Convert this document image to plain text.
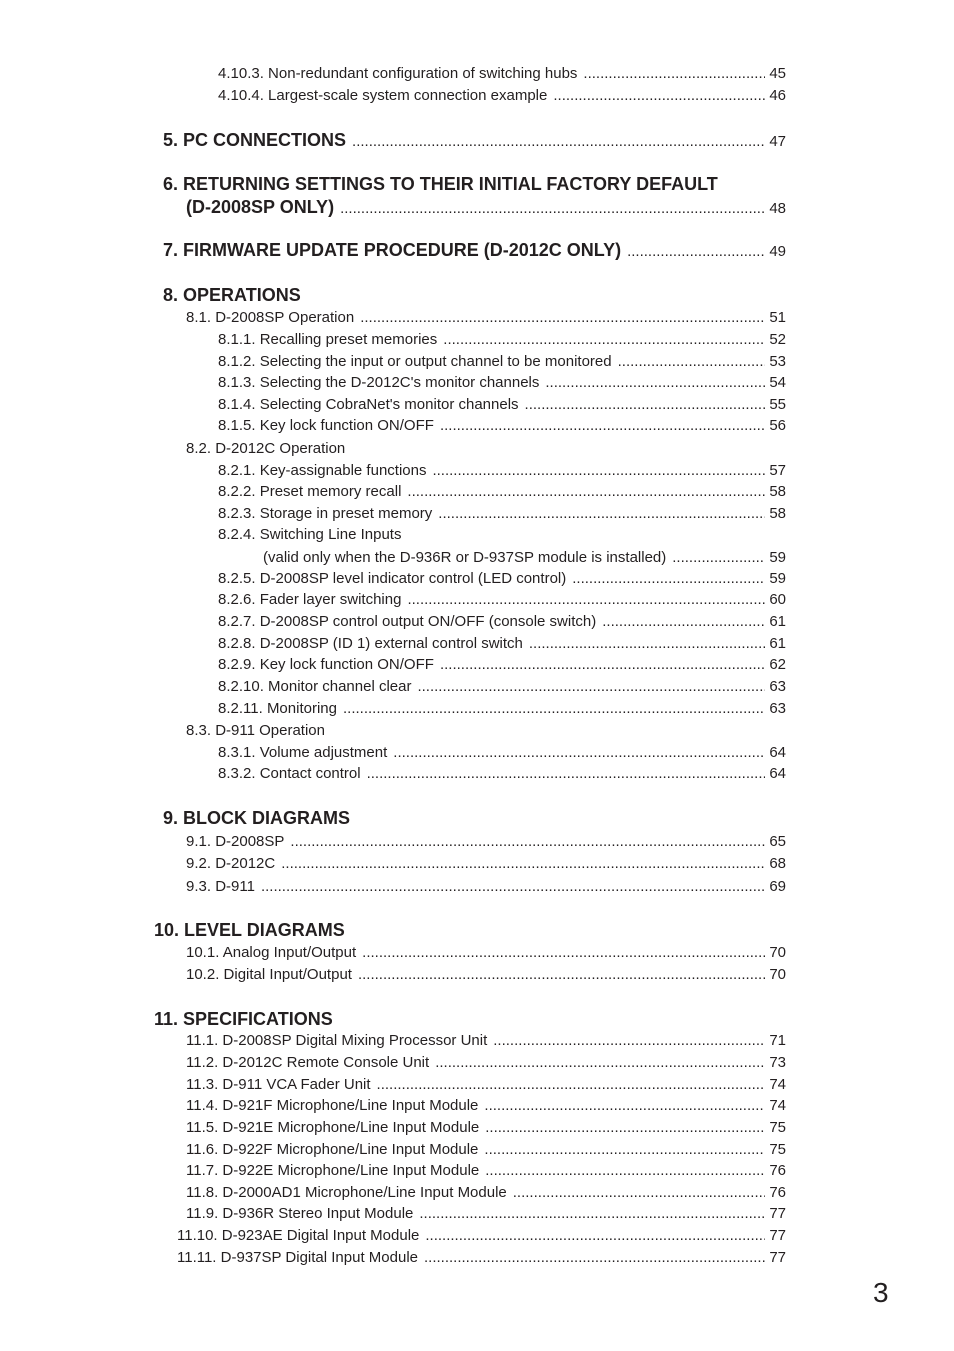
4.10.3. Non-redundant configuration of switching hubs .....	45
4.10.4. Largest-scale system connection example .....	46
5. PC CONNECTIONS .....	47
6. RETURNING SETTINGS TO THEIR INITIAL FACTORY DEFAULT
(D-2008SP ONLY) .....	48
7. FIRMWARE UPDATE PROCEDURE (D-2012C ONLY) .....	49
8. OPERATIONS
8.1. D-2008SP Operation .....	51
8.1.1. Recalling preset memories .....	52
8.1.2. Selecting the input or output channel to be monitored .....	53
8.1.3. Selecting the D-2012C's monitor channels .....	54
8.1.4. Selecting CobraNet's monitor channels .....	55
8.1.5. Key lock function ON/OFF .....	56
8.2. D-2012C Operation
8.2.1. Key-assignable functions .....	57
8.2.2. Preset memory recall .....	58
8.2.3. Storage in preset memory .....	58
8.2.4. Switching Line Inputs
(valid only when the D-936R or D-937SP module is installed) .....	59
8.2.5. D-2008SP level indicator control (LED control) .....	59
8.2.6. Fader layer switching .....	60
8.2.7. D-2008SP control output ON/OFF (console switch) .....	61
8.2.8. D-2008SP (ID 1) external control switch .....	61
8.2.9. Key lock function ON/OFF .....	62
8.2.10. Monitor channel clear .....	63
8.2.11. Monitoring .....	63
8.3. D-911 Operation
8.3.1. Volume adjustment .....	64
8.3.2. Contact control .....	64
9. BLOCK DIAGRAMS
9.1. D-2008SP .....	65
9.2. D-2012C .....	68
9.3. D-911 .....	69
10. LEVEL DIAGRAMS
10.1. Analog Input/Output .....	70
10.2. Digital Input/Output .....	70
11. SPECIFICATIONS
11.1. D-2008SP Digital Mixing Processor Unit .....	71
11.2. D-2012C Remote Console Unit .....	73
11.3. D-911 VCA Fader Unit .....	74
11.4. D-921F Microphone/Line Input Module .....	74
11.5. D-921E Microphone/Line Input Module .....	75
11.6. D-922F Microphone/Line Input Module .....	75
11.7. D-922E Microphone/Line Input Module .....	76
11.8. D-2000AD1 Microphone/Line Input Module .....	76
11.9. D-936R Stereo Input Module .....	77
11.10. D-923AE Digital Input Module .....	77
11.11. D-937SP Digital Input Module .....	77
3
